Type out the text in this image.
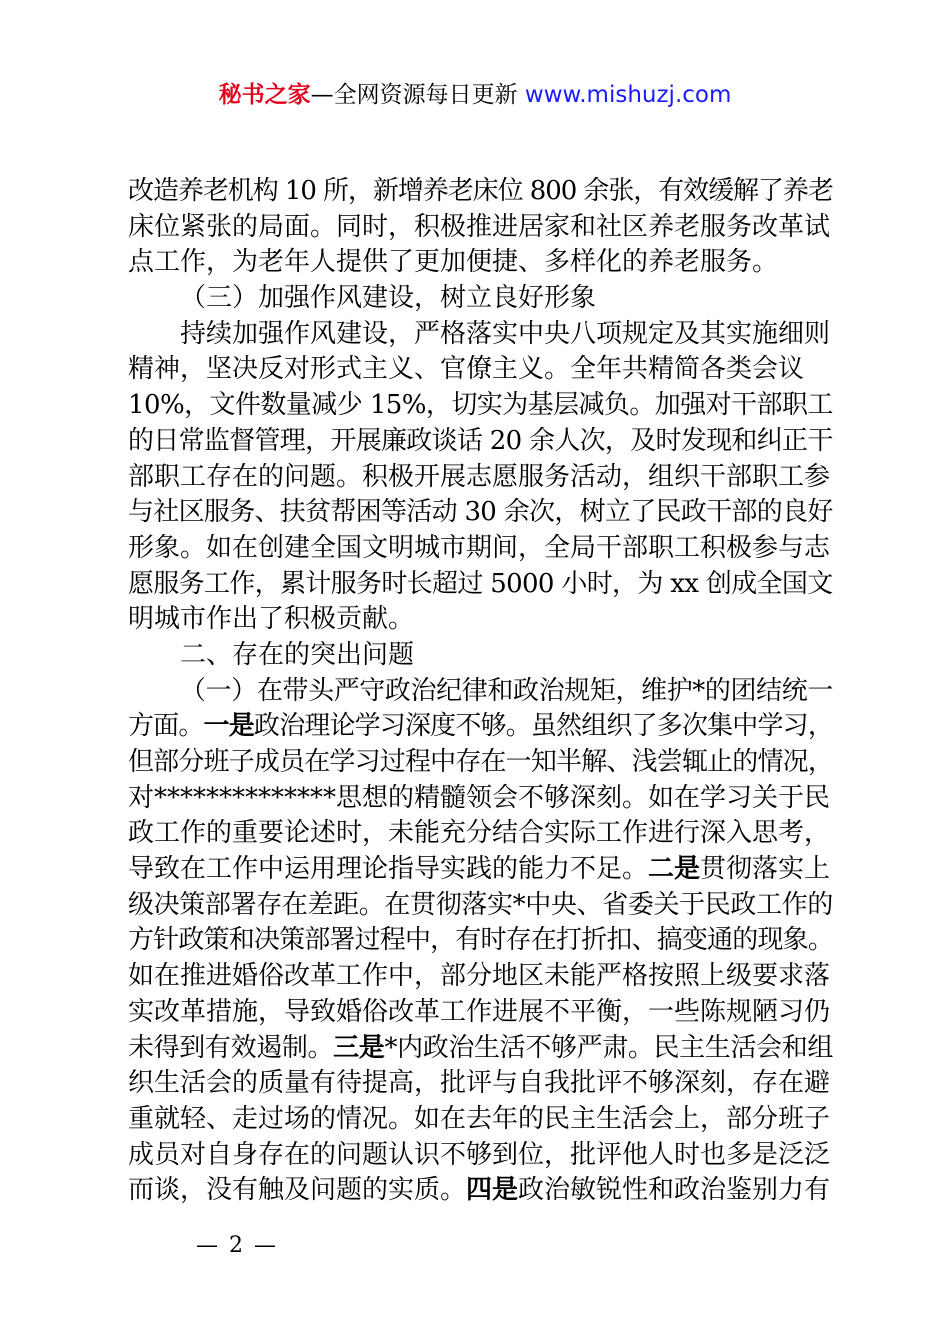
秘书之家—全网资源每日更新 www.mishuzj.com
改造养老机构 10 所，新增养老床位 800 余张，有效缓解了养老
床位紧张的局面。同时，积极推进居家和社区养老服务改革试
点工作，为老年人提供了更加便捷、多样化的养老服务。
（三）加强作风建设，树立良好形象
持续加强作风建设，严格落实中央八项规定及其实施细则
精神，坚决反对形式主义、官僚主义。全年共精简各类会议
10%，文件数量减少 15%，切实为基层减负。加强对干部职工
的日常监督管理，开展廉政谈话 20 余人次，及时发现和纠正干
部职工存在的问题。积极开展志愿服务活动，组织干部职工参
与社区服务、扶贫帮困等活动 30 余次，树立了民政干部的良好
形象。如在创建全国文明城市期间，全局干部职工积极参与志
愿服务工作，累计服务时长超过 5000 小时，为 xx 创成全国文
明城市作出了积极贡献。
二、存在的突出问题
（一）在带头严守政治纪律和政治规矩，维护*的团结统一
方面。一是政治理论学习深度不够。虽然组织了多次集中学习，
但部分班子成员在学习过程中存在一知半解、浅尝辄止的情况，
对**************思想的精髓领会不够深刻。如在学习关于民
政工作的重要论述时，未能充分结合实际工作进行深入思考，
导致在工作中运用理论指导实践的能力不足。二是贯彻落实上
级决策部署存在差距。在贯彻落实*中央、省委关于民政工作的
方针政策和决策部署过程中，有时存在打折扣、搞变通的现象。
如在推进婚俗改革工作中，部分地区未能严格按照上级要求落
实改革措施，导致婚俗改革工作进展不平衡，一些陈规陋习仍
未得到有效遏制。三是*内政治生活不够严肃。民主生活会和组
织生活会的质量有待提高，批评与自我批评不够深刻，存在避
重就轻、走过场的情况。如在去年的民主生活会上，部分班子
成员对自身存在的问题认识不够到位，批评他人时也多是泛泛
而谈，没有触及问题的实质。四是政治敏锐性和政治鉴别力有
— 2 —
